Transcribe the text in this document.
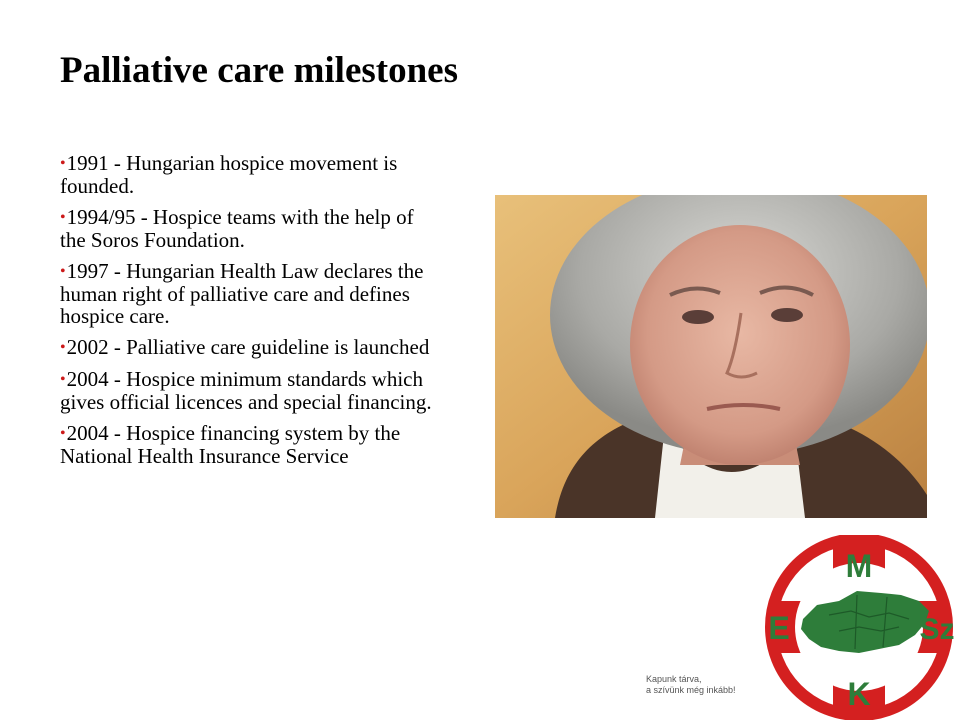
Palliative care milestones
•1991 - Hungarian hospice movement is founded.
•1994/95 - Hospice teams with the help of the Soros Foundation.
•1997 - Hungarian Health Law declares the human right of palliative care and defines hospice care.
•2002 - Palliative care guideline is launched
•2004 - Hospice minimum standards which gives official licences and special financing.
•2004 - Hospice financing system by the National Health Insurance Service
M
E	Sz
K
Kapunk tárva,
a szívünk még inkább!
